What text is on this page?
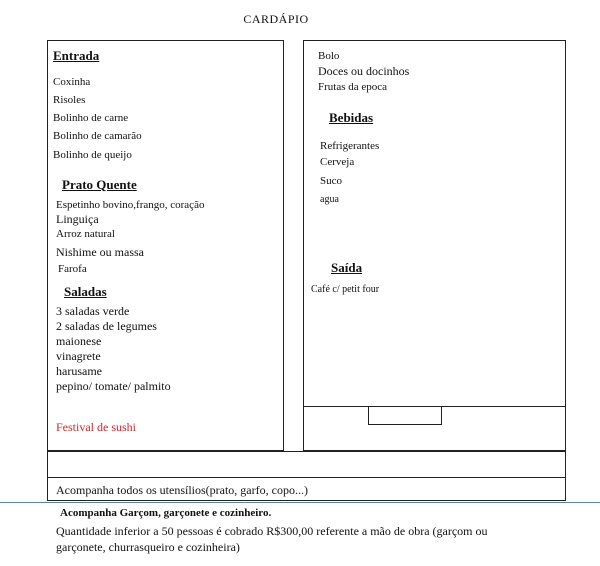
CARDÁPIO
Acompanha todos os utensílios(prato, garfo, copo...)
Entrada
Coxinha
Risoles
Bolinho de carne
Bolinho de camarão
Bolinho de queijo
Prato Quente
Espetinho bovino,frango, coração
Linguiça
Arroz natural
Nishime ou massa
Farofa
Saladas
3 saladas verde
2 saladas de legumes
maionese
vinagrete
harusame
pepino/ tomate/ palmito
Festival de sushi
Bolo
Doces ou docinhos
Frutas da epoca
Bebidas
Refrigerantes
Cerveja
Suco
agua
Saída
Café c/ petit four
Acompanha Garçom, garçonete e cozinheiro.
Quantidade inferior a 50 pessoas é cobrado R$300,00 referente a mão de obra (garçom ou
garçonete, churrasqueiro e cozinheira)
